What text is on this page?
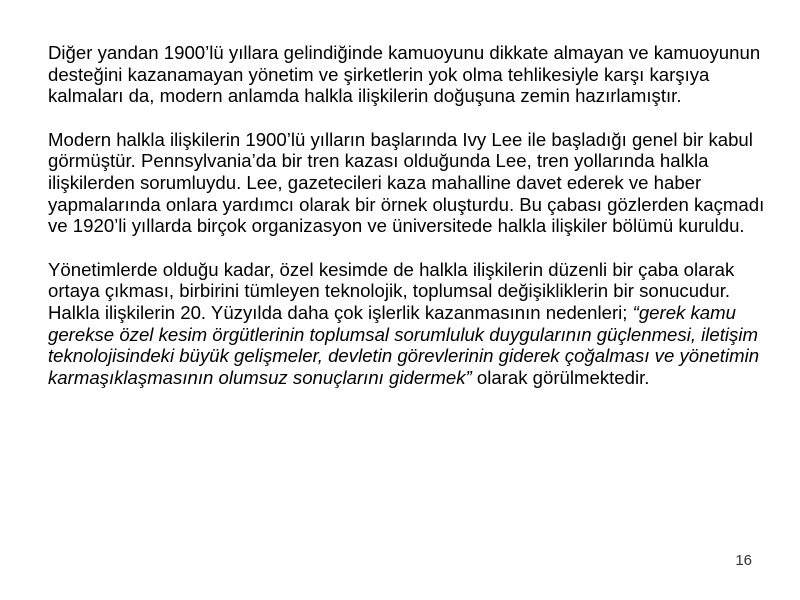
Diğer yandan 1900’lü yıllara gelindiğinde kamuoyunu dikkate almayan ve kamuoyunun desteğini kazanamayan yönetim ve şirketlerin yok olma tehlikesiyle karşı karşıya kalmaları da, modern anlamda halkla ilişkilerin doğuşuna zemin hazırlamıştır.

Modern halkla ilişkilerin 1900’lü yılların başlarında Ivy Lee ile başladığı genel bir kabul görmüştür. Pennsylvania’da bir tren kazası olduğunda Lee, tren yollarında halkla ilişkilerden sorumluydu. Lee, gazetecileri kaza mahalline davet ederek ve haber yapmalarında onlara yardımcı olarak bir örnek oluşturdu. Bu çabası gözlerden kaçmadı ve 1920’li yıllarda birçok organizasyon ve üniversitede halkla ilişkiler bölümü kuruldu.

Yönetimlerde olduğu kadar, özel kesimde de halkla ilişkilerin düzenli bir çaba olarak ortaya çıkması, birbirini tümleyen teknolojik, toplumsal değişikliklerin bir sonucudur. Halkla ilişkilerin 20. Yüzyılda daha çok işlerlik kazanmasının nedenleri; “gerek kamu gerekse özel kesim örgütlerinin toplumsal sorumluluk duygularının güçlenmesi, iletişim teknolojisindeki büyük gelişmeler, devletin görevlerinin giderek çoğalması ve yönetimin karmaşıklaşmasının olumsuz sonuçlarını gidermek” olarak görülmektedir.

16
